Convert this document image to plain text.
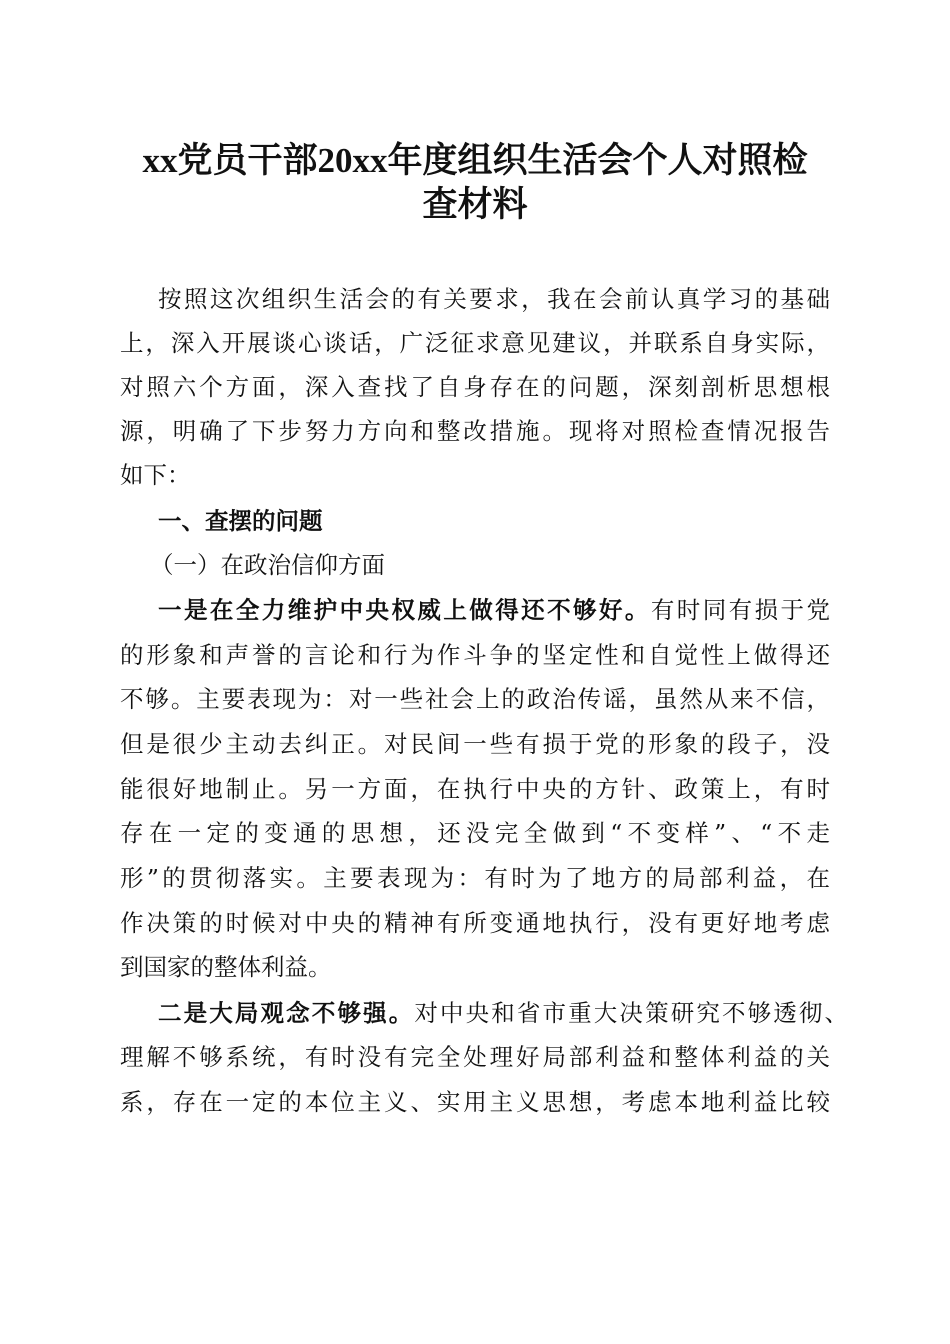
xx党员干部20xx年度组织生活会个人对照检
查材料
按照这次组织生活会的有关要求，我在会前认真学习的基础
上，深入开展谈心谈话，广泛征求意见建议，并联系自身实际，
对照六个方面，深入查找了自身存在的问题，深刻剖析思想根
源，明确了下步努力方向和整改措施。现将对照检查情况报告
如下：
一、查摆的问题
（一）在政治信仰方面
一是在全力维护中央权威上做得还不够好。有时同有损于党
的形象和声誉的言论和行为作斗争的坚定性和自觉性上做得还
不够。主要表现为：对一些社会上的政治传谣，虽然从来不信，
但是很少主动去纠正。对民间一些有损于党的形象的段子，没
能很好地制止。另一方面，在执行中央的方针、政策上，有时
存在一定的变通的思想，还没完全做到“不变样”、“不走
形”的贯彻落实。主要表现为：有时为了地方的局部利益，在
作决策的时候对中央的精神有所变通地执行，没有更好地考虑
到国家的整体利益。
二是大局观念不够强。对中央和省市重大决策研究不够透彻、
理解不够系统，有时没有完全处理好局部利益和整体利益的关
系，存在一定的本位主义、实用主义思想，考虑本地利益比较
